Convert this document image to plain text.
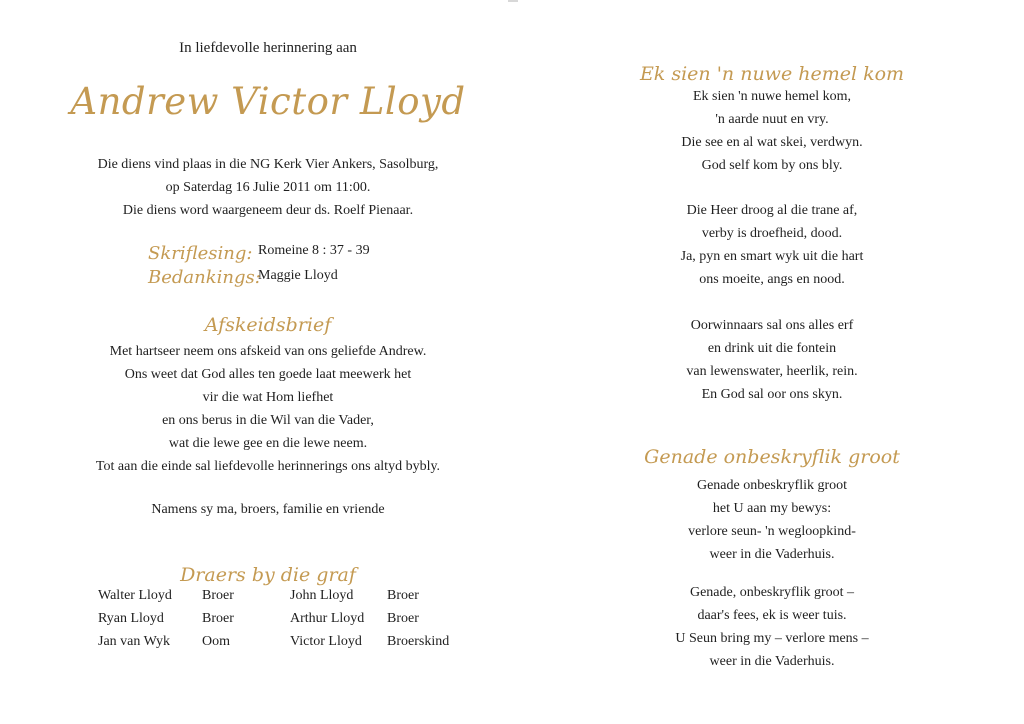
In liefdevolle herinnering aan
Andrew Victor Lloyd
Die diens vind plaas in die NG Kerk Vier Ankers, Sasolburg,
op Saterdag 16 Julie 2011 om 11:00.
Die diens word waargeneem deur ds. Roelf Pienaar.
Skriflesing: Romeine 8 : 37 - 39
Bedankings:
Maggie Lloyd
Afskeidsbrief
Met hartseer neem ons afskeid van ons geliefde Andrew.
Ons weet dat God alles ten goede laat meewerk het
vir die wat Hom liefhet
en ons berus in die Wil van die Vader,
wat die lewe gee en die lewe neem.
Tot aan die einde sal liefdevolle herinnerings ons altyd bybly.
Namens sy ma, broers, familie en vriende
Draers by die graf
Walter Lloyd Broer	John Lloyd Broer
Ryan Lloyd	Broer	Arthur Lloyd Broer
Jan van Wyk Oom	Victor Lloyd Broerskind
Ek sien 'n nuwe hemel kom
Ek sien 'n nuwe hemel kom,
'n aarde nuut en vry.
Die see en al wat skei, verdwyn.
God self kom by ons bly.
Die Heer droog al die trane af,
verby is droefheid, dood.
Ja, pyn en smart wyk uit die hart
ons moeite, angs en nood.
Oorwinnaars sal ons alles erf
en drink uit die fontein
van lewenswater, heerlik, rein.
En God sal oor ons skyn.
Genade onbeskryflik groot
Genade onbeskryflik groot
het U aan my bewys:
verlore seun- 'n wegloopkind-
weer in die Vaderhuis.
Genade, onbeskryflik groot –
daar's fees, ek is weer tuis.
U Seun bring my – verlore mens –
weer in die Vaderhuis.
